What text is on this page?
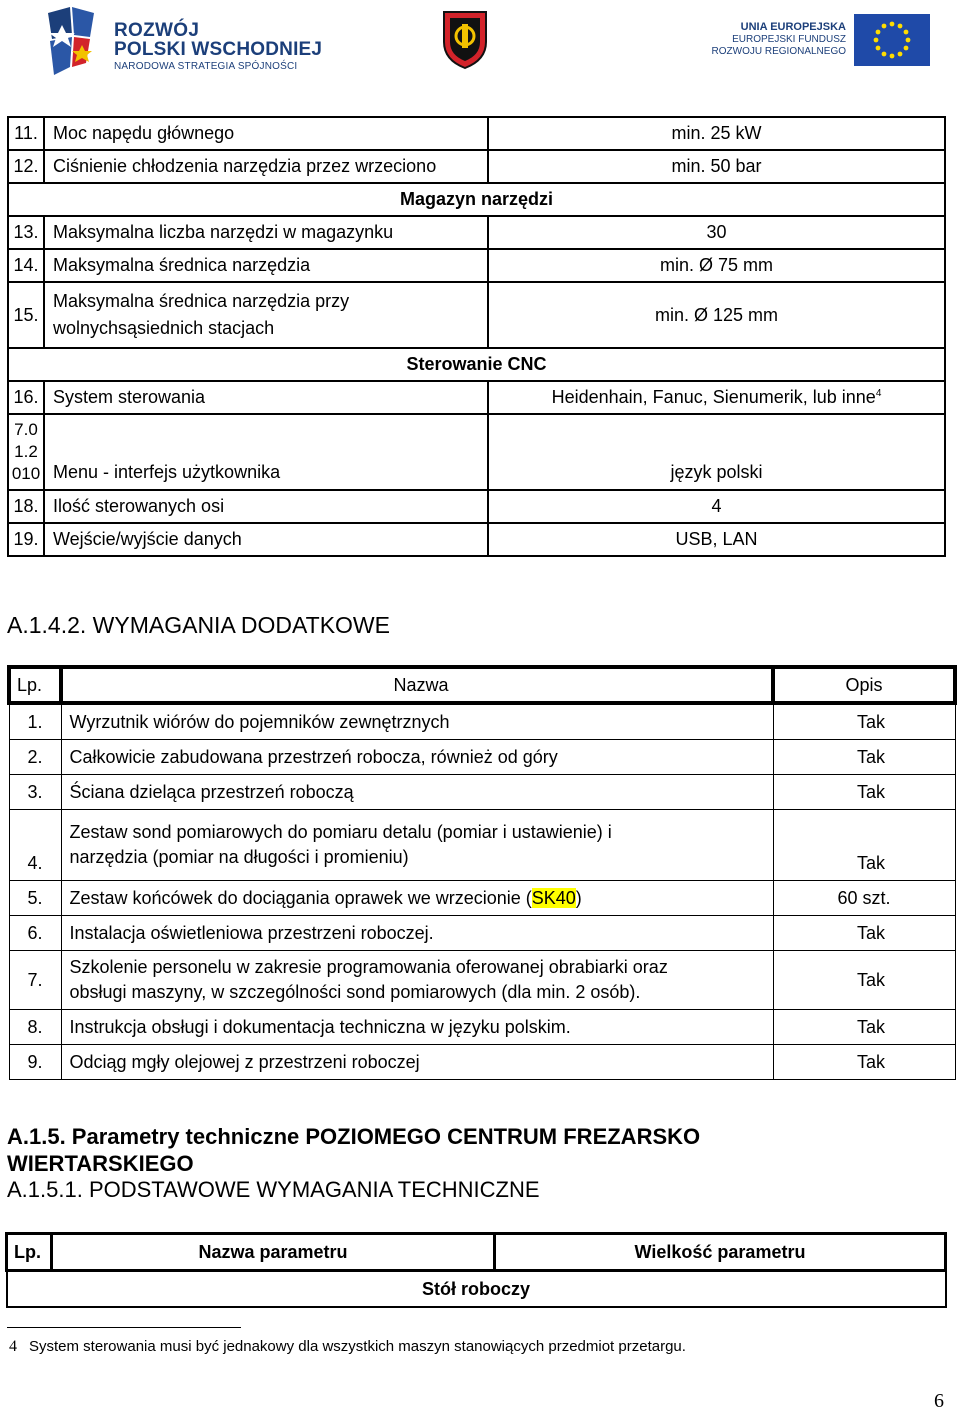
ROZWÓJ
POLSKI WSCHODNIEJ
NARODOWA STRATEGIA SPÓJNOŚCI
UNIA EUROPEJSKA
EUROPEJSKI FUNDUSZ
ROZWOJU REGIONALNEGO
11.	Moc napędu głównego	min. 25 kW
12.	Ciśnienie chłodzenia narzędzia przez wrzeciono	min. 50 bar
Magazyn narzędzi		
13.	Maksymalna liczba narzędzi w magazynku	30
14.	Maksymalna średnica narzędzia	min. Ø 75 mm
15.	Maksymalna średnica narzędzia przy
wolnychsąsiednich stacjach	min. Ø 125 mm
Sterowanie CNC		
16.	System sterowania	Heidenhain, Fanuc, Sienumerik, lub inne$^4$

7.0
1.2
010	Menu - interfejs użytkownika	język polski
18.	Ilość sterowanych osi	4
19.	Wejście/wyjście danych	USB, LAN
A.1.4.2. WYMAGANIA DODATKOWE
Lp.	Nazwa	Opis
1.	Wyrzutnik wiórów do pojemników zewnętrznych	Tak
2.	Całkowicie zabudowana przestrzeń robocza, również od góry	Tak
3.	Ściana dzieląca przestrzeń roboczą	Tak
4.	Zestaw sond pomiarowych do pomiaru detalu (pomiar i ustawienie) i
narzędzia (pomiar na długości i promieniu)	Tak
5.	Zestaw końcówek do dociągania oprawek we wrzecionie (SK40)	60 szt.
6.	Instalacja oświetleniowa przestrzeni roboczej.	Tak
7.	Szkolenie personelu w zakresie programowania oferowanej obrabiarki oraz
obsługi maszyny, w szczególności sond pomiarowych (dla min. 2 osób).	Tak
8.	Instrukcja obsługi i dokumentacja techniczna w języku polskim.	Tak
9.	Odciąg mgły olejowej z przestrzeni roboczej	Tak
A.1.5. Parametry techniczne POZIOMEGO CENTRUM FREZARSKO
WIERTARSKIEGO
A.1.5.1. PODSTAWOWE WYMAGANIA TECHNICZNE
Lp.	Nazwa parametru	Wielkość parametru
Stół roboczy
4 System sterowania musi być jednakowy dla wszystkich maszyn stanowiących przedmiot przetargu.
6
